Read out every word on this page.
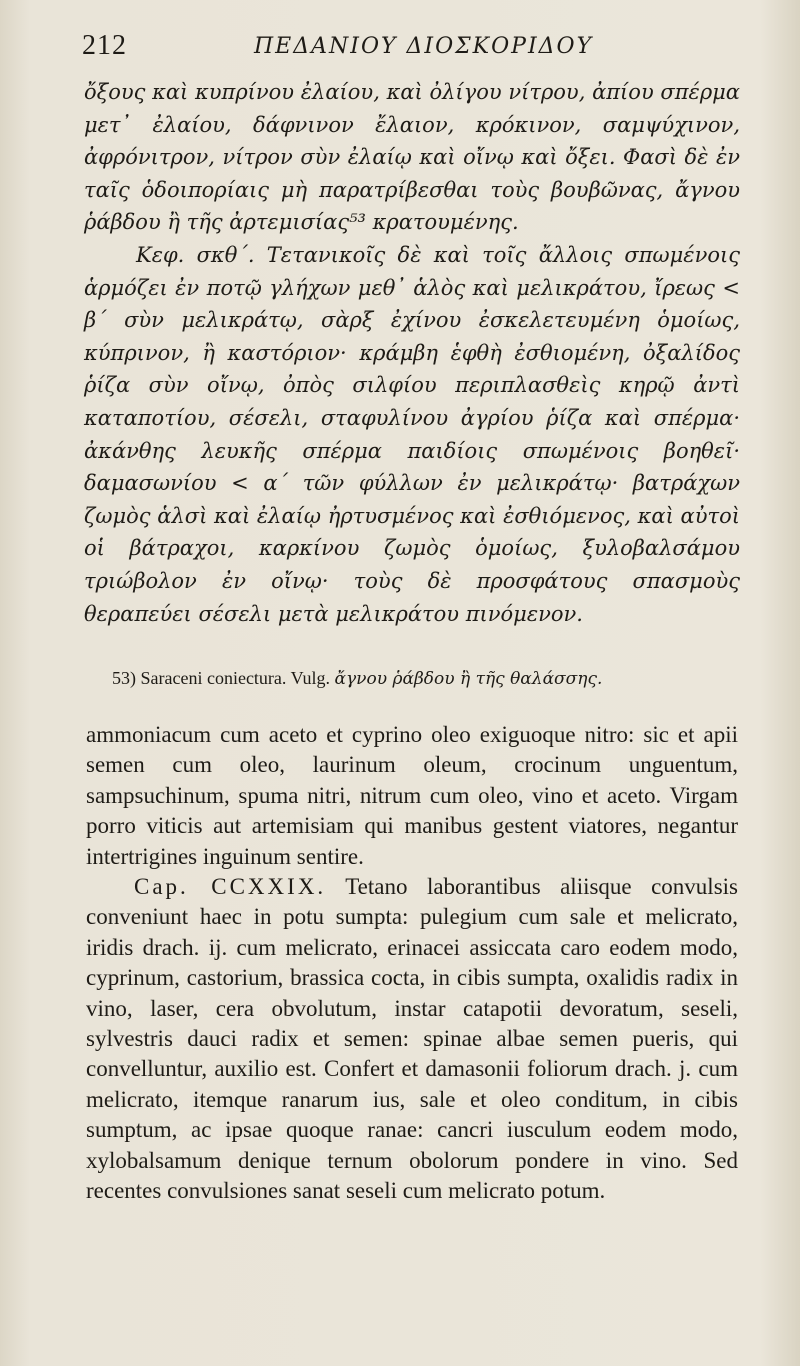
212	ΠΕΔΑΝΙΟΥ ΔΙΟΣΚΟΡΙΔΟΥ

ὄξους καὶ κυπρίνου ἐλαίου, καὶ ὀλίγου νίτρου, ἀπίου σπέρμα μετ᾽ ἐλαίου, δάφνινον ἔλαιον, κρόκινον, σαμψύχινον, ἀφρόνιτρον, νίτρον σὺν ἐλαίῳ καὶ οἴνῳ καὶ ὄξει. Φασὶ δὲ ἐν ταῖς ὁδοιπορίαις μὴ παρατρίβεσθαι τοὺς βουβῶνας, ἄγνου ῥάβδου ἢ τῆς ἀρτεμισίας⁵³ κρατουμένης.

Κεφ. σκθ΄. Τετανικοῖς δὲ καὶ τοῖς ἄλλοις σπωμένοις ἁρμόζει ἐν ποτῷ γλήχων μεθ᾽ ἁλὸς καὶ μελικράτου, ἴρεως < β΄ σὺν μελικράτῳ, σὰρξ ἐχίνου ἐσκελετευμένη ὁμοίως, κύπρινον, ἢ καστόριον· κράμβη ἑφθὴ ἐσθιομένη, ὀξαλίδος ῥίζα σὺν οἴνῳ, ὀπὸς σιλφίου περιπλασθεὶς κηρῷ ἀντὶ καταποτίου, σέσελι, σταφυλίνου ἀγρίου ῥίζα καὶ σπέρμα· ἀκάνθης λευκῆς σπέρμα παιδίοις σπωμένοις βοηθεῖ· δαμασωνίου < α΄ τῶν φύλλων ἐν μελικράτῳ· βατράχων ζωμὸς ἁλσὶ καὶ ἐλαίῳ ἠρτυσμένος καὶ ἐσθιόμενος, καὶ αὐτοὶ οἱ βάτραχοι, καρκίνου ζωμὸς ὁμοίως, ξυλοβαλσάμου τριώβολον ἐν οἴνῳ· τοὺς δὲ προσφάτους σπασμοὺς θεραπεύει σέσελι μετὰ μελικράτου πινόμενον.

53) Saraceni coniectura. Vulg. ἄγνου ῥάβδου ἢ τῆς θαλάσσης.

ammoniacum cum aceto et cyprino oleo exiguoque nitro: sic et apii semen cum oleo, laurinum oleum, crocinum unguentum, sampsuchinum, spuma nitri, nitrum cum oleo, vino et aceto. Virgam porro viticis aut artemisiam qui manibus gestent viatores, negantur intertrigines inguinum sentire.

Cap. CCXXIX. Tetano laborantibus aliisque convulsis conveniunt haec in potu sumpta: pulegium cum sale et melicrato, iridis drach. ij. cum melicrato, erinacei assiccata caro eodem modo, cyprinum, castorium, brassica cocta, in cibis sumpta, oxalidis radix in vino, laser, cera obvolutum, instar catapotii devoratum, seseli, sylvestris dauci radix et semen: spinae albae semen pueris, qui convelluntur, auxilio est. Confert et damasonii foliorum drach. j. cum melicrato, itemque ranarum ius, sale et oleo conditum, in cibis sumptum, ac ipsae quoque ranae: cancri iusculum eodem modo, xylobalsamum denique ternum obolorum pondere in vino. Sed recentes convulsiones sanat seseli cum melicrato potum.
